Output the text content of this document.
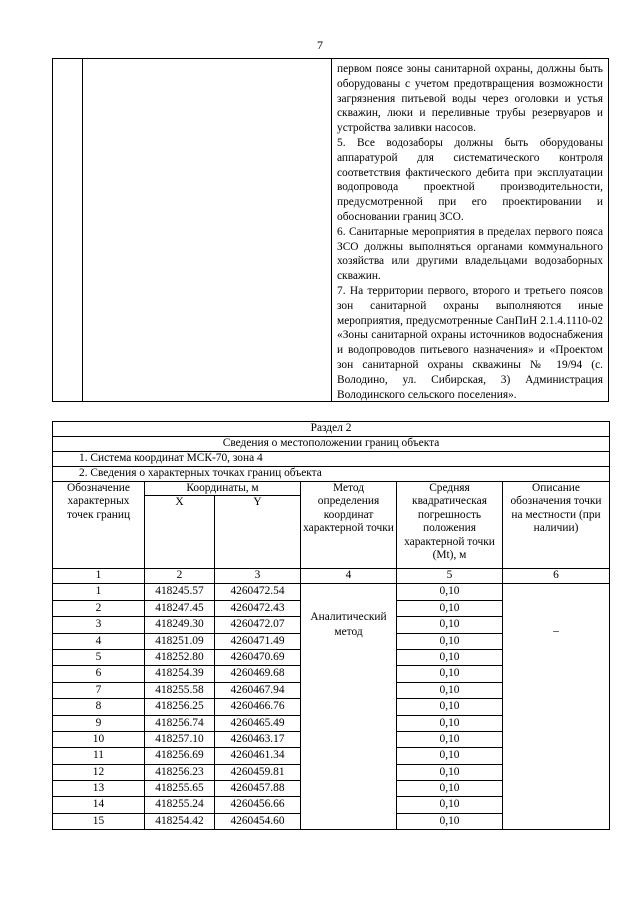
7

первом поясе зоны санитарной охраны, должны быть оборудованы с учетом предотвращения возможности загрязнения питьевой воды через оголовки и устья скважин, люки и переливные трубы резервуаров и устройства заливки насосов.

5. Все водозаборы должны быть оборудованы аппаратурой для систематического контроля соответствия фактического дебита при эксплуатации водопровода проектной производительности, предусмотренной при его проектировании и обосновании границ ЗСО.

6. Санитарные мероприятия в пределах первого пояса ЗСО должны выполняться органами коммунального хозяйства или другими владельцами водозаборных скважин.

7. На территории первого, второго и третьего поясов зон санитарной охраны выполняются иные мероприятия, предусмотренные СанПиН 2.1.4.1110-02 «Зоны санитарной охраны источников водоснабжения и водопроводов питьевого назначения» и «Проектом зон санитарной охраны скважины № 19/94 (с. Володино, ул. Сибирская, 3) Администрация Володинского сельского поселения».

Раздел 2					
Сведения о местоположении границ объекта					
1. Система координат МСК-70, зона 4					
2. Сведения о характерных точках границ объекта					
Обозначение характерных точек границ	Координаты, м		Метод определения координат характерной точки	Средняя квадратическая погрешность положения характерной точки (Mt), м	Описание обозначения точки на местности (при наличии)
	X	Y			
1	2	3	4	5	6
1	418245.57	4260472.54	Аналитический метод	0,10	–

2	418247.45	4260472.43		0,10	
3	418249.30	4260472.07		0,10	
4	418251.09	4260471.49		0,10	
5	418252.80	4260470.69		0,10	
6	418254.39	4260469.68		0,10	
7	418255.58	4260467.94		0,10	
8	418256.25	4260466.76		0,10	
9	418256.74	4260465.49		0,10	
10	418257.10	4260463.17		0,10	
11	418256.69	4260461.34		0,10	
12	418256.23	4260459.81		0,10	
13	418255.65	4260457.88		0,10	
14	418255.24	4260456.66		0,10	
15	418254.42	4260454.60		0,10	
